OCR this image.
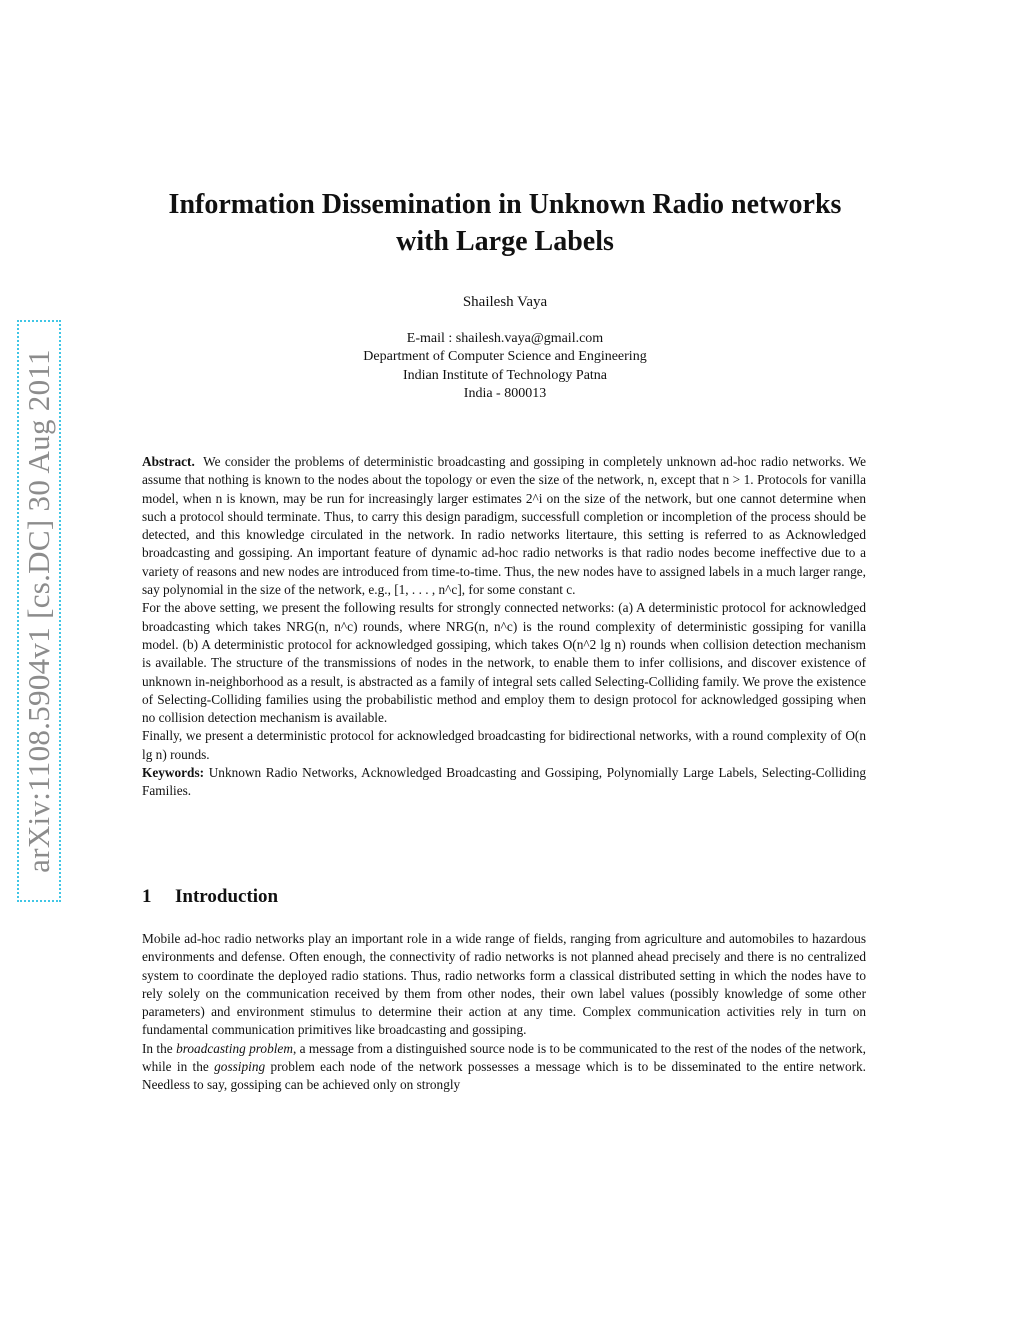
arXiv:1108.5904v1 [cs.DC] 30 Aug 2011
Information Dissemination in Unknown Radio networks
with Large Labels
Shailesh Vaya
E-mail : shailesh.vaya@gmail.com
Department of Computer Science and Engineering
Indian Institute of Technology Patna
India - 800013

Abstract. We consider the problems of deterministic broadcasting and gossiping in completely unknown ad-hoc radio networks. We assume that nothing is known to the nodes about the topology or even the size of the network, n, except that n > 1. Protocols for vanilla model, when n is known, may be run for increasingly larger estimates 2^i on the size of the network, but one cannot determine when such a protocol should terminate. Thus, to carry this design paradigm, successfull completion or incompletion of the process should be detected, and this knowledge circulated in the network. In radio networks litertaure, this setting is referred to as Acknowledged broadcasting and gossiping. An important feature of dynamic ad-hoc radio networks is that radio nodes become ineffective due to a variety of reasons and new nodes are introduced from time-to-time. Thus, the new nodes have to assigned labels in a much larger range, say polynomial in the size of the network, e.g., [1, . . . , n^c], for some constant c.

For the above setting, we present the following results for strongly connected networks: (a) A deterministic protocol for acknowledged broadcasting which takes NRG(n, n^c) rounds, where NRG(n, n^c) is the round complexity of deterministic gossiping for vanilla model. (b) A deterministic protocol for acknowledged gossiping, which takes O(n^2 lg n) rounds when collision detection mechanism is available. The structure of the transmissions of nodes in the network, to enable them to infer collisions, and discover existence of unknown in-neighborhood as a result, is abstracted as a family of integral sets called Selecting-Colliding family. We prove the existence of Selecting-Colliding families using the probabilistic method and employ them to design protocol for acknowledged gossiping when no collision detection mechanism is available.

Finally, we present a deterministic protocol for acknowledged broadcasting for bidirectional networks, with a round complexity of O(n lg n) rounds.

Keywords: Unknown Radio Networks, Acknowledged Broadcasting and Gossiping, Polynomially Large Labels, Selecting-Colliding Families.

1 Introduction

Mobile ad-hoc radio networks play an important role in a wide range of fields, ranging from agriculture and automobiles to hazardous environments and defense. Often enough, the connectivity of radio networks is not planned ahead precisely and there is no centralized system to coordinate the deployed radio stations. Thus, radio networks form a classical distributed setting in which the nodes have to rely solely on the communication received by them from other nodes, their own label values (possibly knowledge of some other parameters) and environment stimulus to determine their action at any time. Complex communication activities rely in turn on fundamental communication primitives like broadcasting and gossiping.

In the broadcasting problem, a message from a distinguished source node is to be communicated to the rest of the nodes of the network, while in the gossiping problem each node of the network possesses a message which is to be disseminated to the entire network. Needless to say, gossiping can be achieved only on strongly
